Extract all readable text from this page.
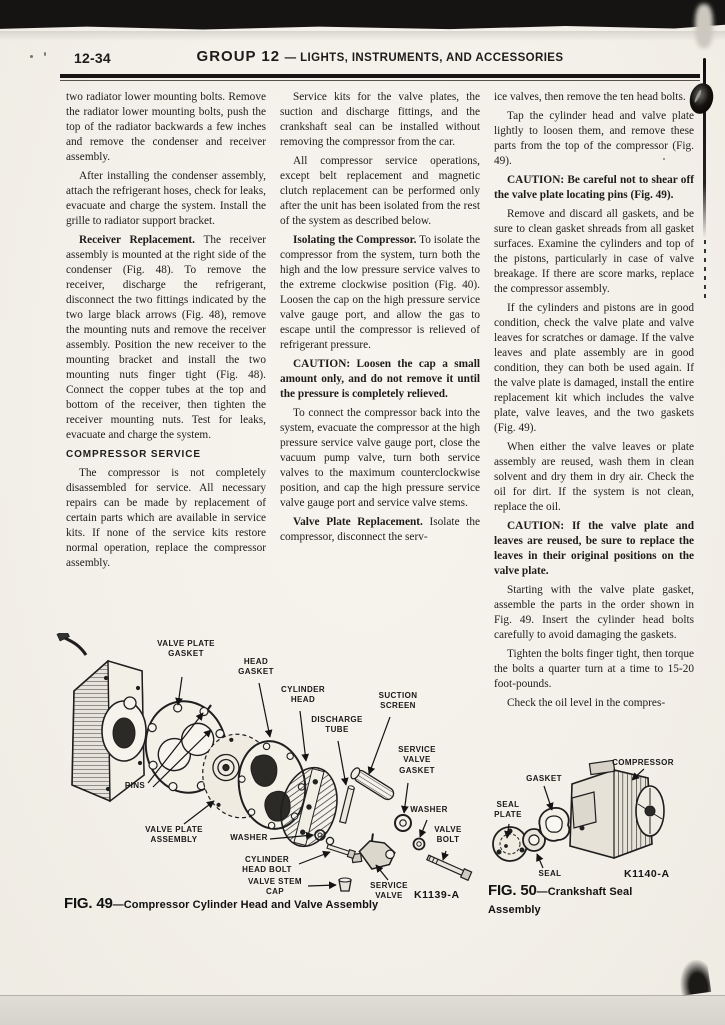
12-34	GROUP 12 — LIGHTS, INSTRUMENTS, AND ACCESSORIES

two radiator lower mounting bolts. Remove the radiator lower mounting bolts, push the top of the radiator backwards a few inches and remove the condenser and receiver assembly.

After installing the condenser assembly, attach the refrigerant hoses, check for leaks, evacuate and charge the system. Install the grille to radiator support bracket.

Receiver Replacement. The receiver assembly is mounted at the right side of the condenser (Fig. 48). To remove the receiver, discharge the refrigerant, disconnect the two fittings indicated by the two large black arrows (Fig. 48), remove the mounting nuts and remove the receiver assembly. Position the new receiver to the mounting bracket and install the two mounting nuts finger tight (Fig. 48). Connect the copper tubes at the top and bottom of the receiver, then tighten the receiver mounting nuts. Test for leaks, evacuate and charge the system.

COMPRESSOR SERVICE

The compressor is not completely disassembled for service. All necessary repairs can be made by replacement of certain parts which are available in service kits. If none of the service kits restore normal operation, replace the compressor assembly.

Service kits for the valve plates, the suction and discharge fittings, and the crankshaft seal can be installed without removing the compressor from the car.

All compressor service operations, except belt replacement and magnetic clutch replacement can be performed only after the unit has been isolated from the rest of the system as described below.

Isolating the Compressor. To isolate the compressor from the system, turn both the high and the low pressure service valves to the extreme clockwise position (Fig. 40). Loosen the cap on the high pressure service valve gauge port, and allow the gas to escape until the compressor is relieved of refrigerant pressure.

CAUTION: Loosen the cap a small amount only, and do not remove it until the pressure is completely relieved.

To connect the compressor back into the system, evacuate the compressor at the high pressure service valve gauge port, close the vacuum pump valve, turn both service valves to the maximum counterclockwise position, and cap the high pressure service valve gauge port and service valve stems.

Valve Plate Replacement. Isolate the compressor, disconnect the serv-

ice valves, then remove the ten head bolts.

Tap the cylinder head and valve plate lightly to loosen them, and remove these parts from the top of the compressor (Fig. 49).

CAUTION: Be careful not to shear off the valve plate locating pins (Fig. 49).

Remove and discard all gaskets, and be sure to clean gasket shreads from all gasket surfaces. Examine the cylinders and top of the pistons, particularly in case of valve breakage. If there are score marks, replace the compressor assembly.

If the cylinders and pistons are in good condition, check the valve plate and valve leaves for scratches or damage. If the valve leaves and plate assembly are in good condition, they can both be used again. If the valve plate is damaged, install the entire replacement kit which includes the valve plate, valve leaves, and the two gaskets (Fig. 49).

When either the valve leaves or plate assembly are reused, wash them in clean solvent and dry them in dry air. Check the oil for dirt. If the system is not clean, replace the oil.

CAUTION: If the valve plate and leaves are reused, be sure to replace the leaves in their original positions on the valve plate.

Starting with the valve plate gasket, assemble the parts in the order shown in Fig. 49. Insert the cylinder head bolts carefully to avoid damaging the gaskets.

Tighten the bolts finger tight, then torque the bolts a quarter turn at a time to 15-20 foot-pounds.

Check the oil level in the compres-

VALVE PLATE GASKET
HEAD GASKET
CYLINDER HEAD
DISCHARGE TUBE
SUCTION SCREEN
SERVICE VALVE GASKET
WASHER
VALVE BOLT
PINS
VALVE PLATE ASSEMBLY	WASHER
CYLINDER HEAD BOLT
VALVE STEM CAP
SERVICE VALVE	K1139-A
FIG. 49—Compressor Cylinder Head and Valve Assembly
COMPRESSOR
GASKET
SEAL PLATE
SEAL	K1140-A
FIG. 50—Crankshaft Seal Assembly
